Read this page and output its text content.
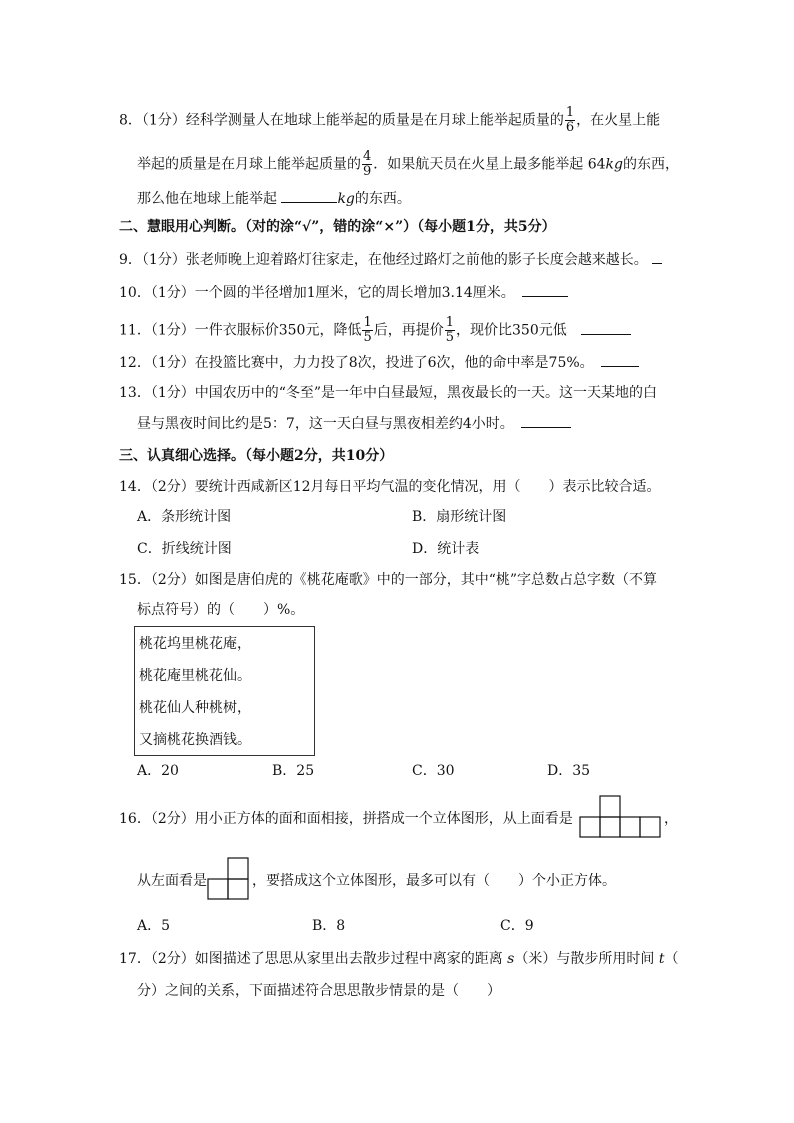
8．（1分）经科学测量人在地球上能举起的质量是在月球上能举起质量的 $\frac{1}{6}$ ，在火星上能
举起的质量是在月球上能举起质量的 $\frac{4}{9}$ ．如果航天员在火星上最多能举起 64kg的东西，
那么他在地球上能举起	kg的东西。
二、慧眼用心判断。（对的涂“√”，错的涂“×”）（每小题1分，共5分）
9．（1分）张老师晚上迎着路灯往家走，在他经过路灯之前他的影子长度会越来越长。
10．（1分）一个圆的半径增加1厘米，它的周长增加3.14厘米。　
11．（1分）一件衣服标价350元，降低 $\frac{1}{5}$ 后，再提价 $\frac{1}{5}$ ，现价比350元低　
12．（1分）在投篮比赛中，力力投了8次，投进了6次，他的命中率是75%。　
13．（1分）中国农历中的“冬至”是一年中白昼最短，黑夜最长的一天。这一天某地的白
昼与黑夜时间比约是5：7，这一天白昼与黑夜相差约4小时。　
三、认真细心选择。（每小题2分，共10分）
14．（2分）要统计西咸新区12月每日平均气温的变化情况，用（　　）表示比较合适。
A．条形统计图	B．扇形统计图
C．折线统计图	D．统计表
15．（2分）如图是唐伯虎的《桃花庵歌》中的一部分，其中“桃”字总数占总字数（不算
标点符号）的（　　）%。
桃花坞里桃花庵，
桃花庵里桃花仙。
桃花仙人种桃树，
又摘桃花换酒钱。
A．20	B．25	C．30	D．35
16．（2分）用小正方体的面和面相接，拼搭成一个立体图形，从上面看是	，
从左面看是	，要搭成这个立体图形，最多可以有（　　）个小正方体。
A．5	B．8	C．9
17．（2分）如图描述了思思从家里出去散步过程中离家的距离 s（米）与散步所用时间 t（
分）之间的关系，下面描述符合思思散步情景的是（　　）
